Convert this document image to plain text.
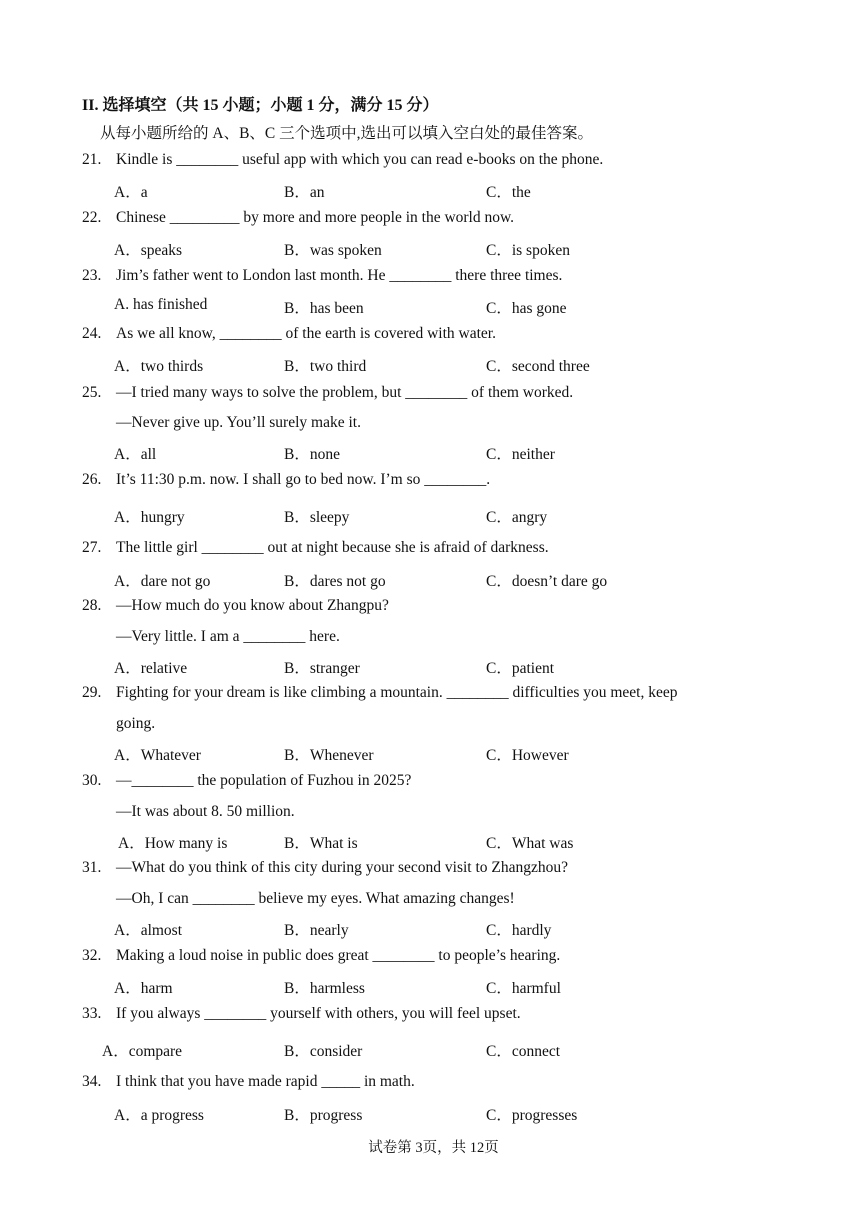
II. 选择填空（共 15 小题；小题 1 分，满分 15 分）
从每小题所给的 A、B、C 三个选项中,选出可以填入空白处的最佳答案。
21. Kindle is ________ useful app with which you can read e-books on the phone.
A．a	B．an	C．the
22. Chinese _________ by more and more people in the world now.
A．speaks	B．was spoken	C．is spoken
23. Jim’s father went to London last month. He ________ there three times.
A. has finished	B．has been	C．has gone
24. As we all know, ________ of the earth is covered with water.
A．two thirds	B．two third	C．second three
25. —I tried many ways to solve the problem, but ________ of them worked.
—Never give up. You’ll surely make it.
A．all	B．none	C．neither
26. It’s 11:30 p.m. now. I shall go to bed now. I’m so ________.
A．hungry	B．sleepy	C．angry
27. The little girl ________ out at night because she is afraid of darkness.
A．dare not go	B．dares not go	C．doesn’t dare go
28. —How much do you know about Zhangpu?
—Very little. I am a ________ here.
A．relative	B．stranger	C．patient
29. Fighting for your dream is like climbing a mountain. ________ difficulties you meet, keep
going.
A．Whatever	B．Whenever	C．However
30. —________ the population of Fuzhou in 2025?
—It was about 8. 50 million.
A．How many is	B．What is	C．What was
31. —What do you think of this city during your second visit to Zhangzhou?
—Oh, I can ________ believe my eyes. What amazing changes!
A．almost	B．nearly	C．hardly
32. Making a loud noise in public does great ________ to people’s hearing.
A．harm	B．harmless	C．harmful
33. If you always ________ yourself with others, you will feel upset.
A．compare	B．consider	C．connect
34. I think that you have made rapid _____ in math.
A．a progress	B．progress	C．progresses
试卷第 3页，共 12页
